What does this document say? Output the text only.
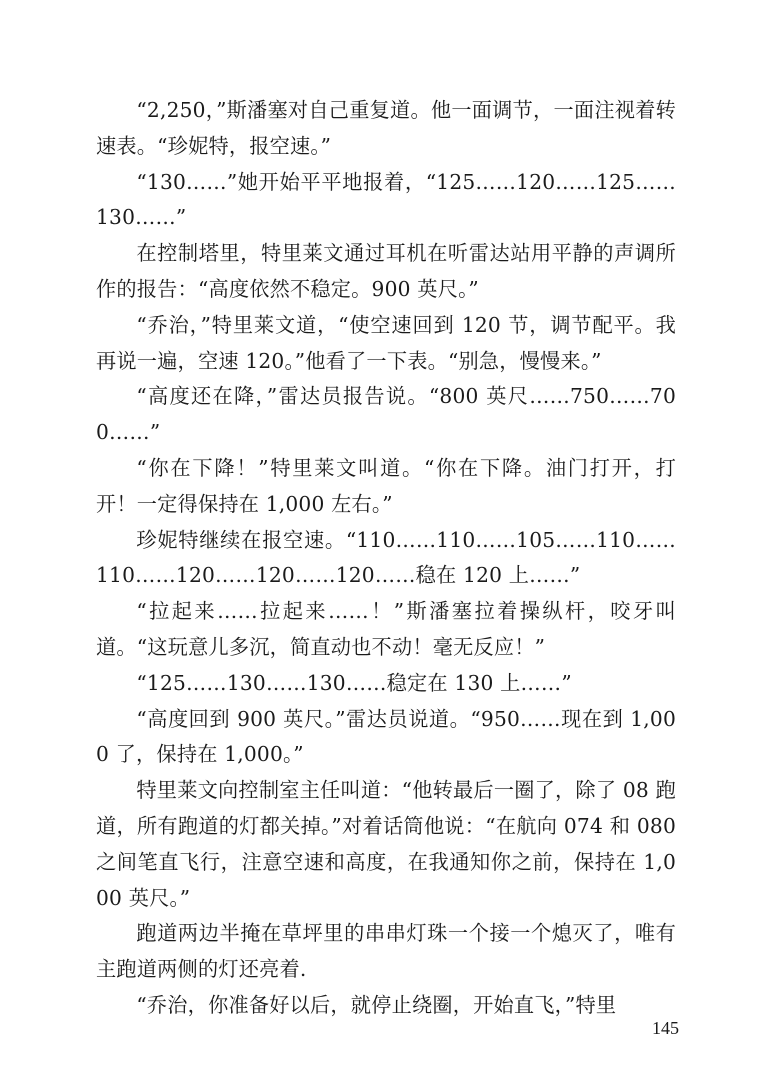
“2,250，”斯潘塞对自己重复道。他一面调节，一面注视着转速表。“珍妮特，报空速。”

“130……”她开始平平地报着，“125……120……125……130……”

在控制塔里，特里莱文通过耳机在听雷达站用平静的声调所作的报告：“高度依然不稳定。900 英尺。”

“乔治，”特里莱文道，“使空速回到 120 节，调节配平。我再说一遍，空速 120。”他看了一下表。“别急，慢慢来。”

“高度还在降，”雷达员报告说。“800 英尺……750……700……”

“你在下降！”特里莱文叫道。“你在下降。油门打开，打开！一定得保持在 1,000 左右。”

珍妮特继续在报空速。“110……110……105……110……110……120……120……120……稳在 120 上……”

“拉起来……拉起来……！”斯潘塞拉着操纵杆，咬牙叫道。“这玩意儿多沉，简直动也不动！毫无反应！”

“125……130……130……稳定在 130 上……”

“高度回到 900 英尺。”雷达员说道。“950……现在到 1,000 了，保持在 1,000。”

特里莱文向控制室主任叫道：“他转最后一圈了，除了 08 跑道，所有跑道的灯都关掉。”对着话筒他说：“在航向 074 和 080 之间笔直飞行，注意空速和高度，在我通知你之前，保持在 1,000 英尺。”

跑道两边半掩在草坪里的串串灯珠一个接一个熄灭了，唯有主跑道两侧的灯还亮着.

“乔治，你准备好以后，就停止绕圈，开始直飞，”特里

145
